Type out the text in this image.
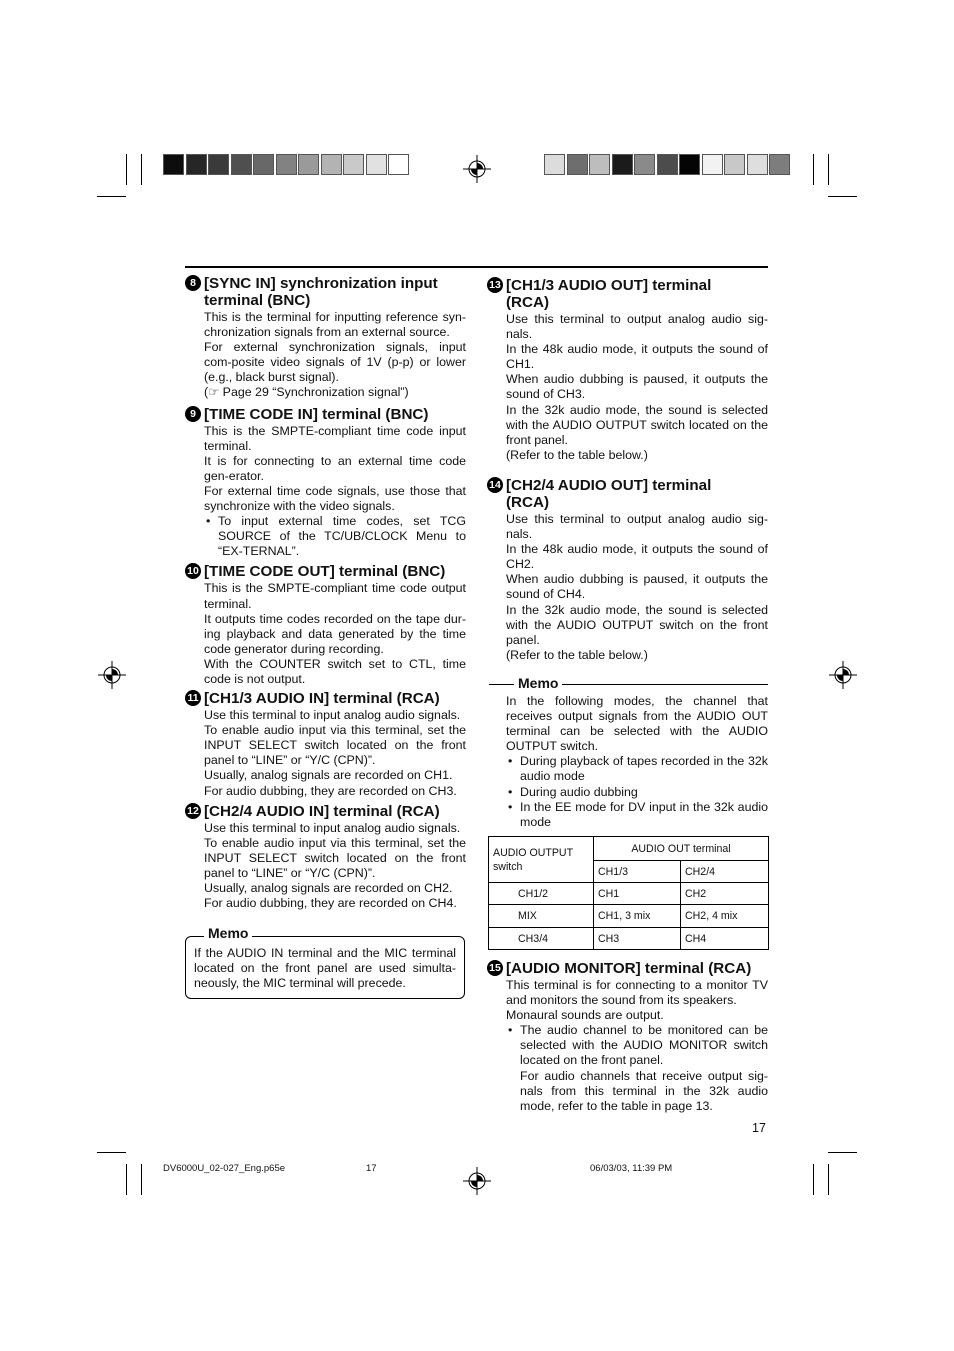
8 [SYNC IN] synchronization input
terminal (BNC)

This is the terminal for inputting reference syn-chronization signals from an external source.

For external synchronization signals, input com-posite video signals of 1V (p-p) or lower (e.g., black burst signal).

(☞ Page 29 “Synchronization signal”)

9 [TIME CODE IN] terminal (BNC)

This is the SMPTE-compliant time code input terminal.

It is for connecting to an external time code gen-erator.

For external time code signals, use those that synchronize with the video signals.

• To input external time codes, set TCG SOURCE of the TC/UB/CLOCK Menu to “EX-TERNAL”.

10 [TIME CODE OUT] terminal (BNC)

This is the SMPTE-compliant time code output terminal.

It outputs time codes recorded on the tape dur-ing playback and data generated by the time code generator during recording.

With the COUNTER switch set to CTL, time code is not output.

11 [CH1/3 AUDIO IN] terminal (RCA)

Use this terminal to input analog audio signals.

To enable audio input via this terminal, set the INPUT SELECT switch located on the front panel to “LINE” or “Y/C (CPN)”.

Usually, analog signals are recorded on CH1.

For audio dubbing, they are recorded on CH3.

12 [CH2/4 AUDIO IN] terminal (RCA)

Use this terminal to input analog audio signals.

To enable audio input via this terminal, set the INPUT SELECT switch located on the front panel to “LINE” or “Y/C (CPN)”.

Usually, analog signals are recorded on CH2.

For audio dubbing, they are recorded on CH4.

If the AUDIO IN terminal and the MIC terminal located on the front panel are used simulta-neously, the MIC terminal will precede.
Memo
13 [CH1/3 AUDIO OUT] terminal
(RCA)

Use this terminal to output analog audio sig-nals.

In the 48k audio mode, it outputs the sound of CH1.

When audio dubbing is paused, it outputs the sound of CH3.

In the 32k audio mode, the sound is selected with the AUDIO OUTPUT switch located on the front panel.

(Refer to the table below.)

14 [CH2/4 AUDIO OUT] terminal
(RCA)

Use this terminal to output analog audio sig-nals.

In the 48k audio mode, it outputs the sound of CH2.

When audio dubbing is paused, it outputs the sound of CH4.

In the 32k audio mode, the sound is selected with the AUDIO OUTPUT switch on the front panel.

(Refer to the table below.)

Memo

In the following modes, the channel that receives output signals from the AUDIO OUT terminal can be selected with the AUDIO OUTPUT switch.

• During playback of tapes recorded in the 32k audio mode

• During audio dubbing

• In the EE mode for DV input in the 32k audio mode

AUDIO OUTPUT switch	AUDIO OUT terminal	
	CH1/3	CH2/4
CH1/2	CH1	CH2
MIX	CH1, 3 mix	CH2, 4 mix
CH3/4	CH3	CH4
15 [AUDIO MONITOR] terminal (RCA)

This terminal is for connecting to a monitor TV and monitors the sound from its speakers.

Monaural sounds are output.

• The audio channel to be monitored can be selected with the AUDIO MONITOR switch located on the front panel.

For audio channels that receive output sig-nals from this terminal in the 32k audio mode, refer to the table in page 13.

17
DV6000U_02-027_Eng.p65e	17	06/03/03, 11:39 PM
